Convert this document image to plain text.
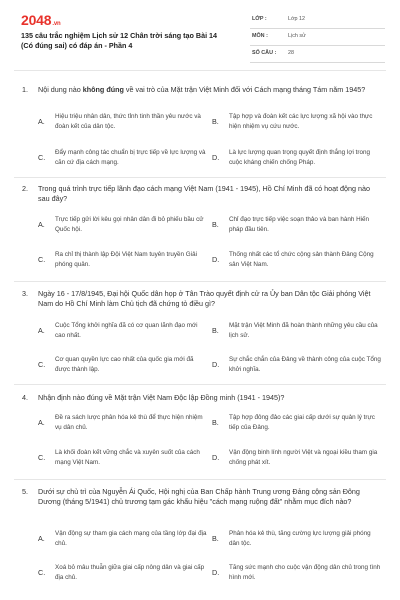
2048.vn
135 câu trắc nghiệm Lịch sử 12 Chân trời sáng tạo Bài 14 (Có đúng sai) có đáp án - Phần 4
LỚP :	Lớp 12
MÔN :	Lịch sử
SỐ CÂU : 28
1. Nội dung nào không đúng về vai trò của Mặt trận Việt Minh đối với Cách mạng tháng Tám năm 1945?
A.
Hiệu triệu nhân dân, thức tỉnh tinh thần yêu nước và đoàn kết của dân tộc.
B.
Tập hợp và đoàn kết các lực lượng xã hội vào thực hiện nhiệm vụ cứu nước.
C.
Đẩy mạnh công tác chuẩn bị trực tiếp về lực lượng và căn cứ địa cách mạng.
D.
Là lực lượng quan trọng quyết định thắng lợi trong cuộc kháng chiến chống Pháp.
2. Trong quá trình trực tiếp lãnh đạo cách mạng Việt Nam (1941 - 1945), Hồ Chí Minh đã có hoạt động nào sau đây?
A.
Trực tiếp gửi lời kêu gọi nhân dân đi bỏ phiếu bầu cử Quốc hội.
B.
Chỉ đạo trực tiếp việc soạn thảo và ban hành Hiến pháp đầu tiên.
C.
Ra chỉ thị thành lập Đội Việt Nam tuyên truyền Giải phóng quân.
D.
Thống nhất các tổ chức cộng sản thành Đảng Cộng sản Việt Nam.
3. Ngày 16 - 17/8/1945, Đại hội Quốc dân họp ở Tân Trào quyết định cử ra Ủy ban Dân tộc Giải phóng Việt Nam do Hồ Chí Minh làm Chủ tịch đã chứng tỏ điều gì?
A.
Cuộc Tổng khởi nghĩa đã có cơ quan lãnh đạo mới cao nhất.
B.
Mặt trận Việt Minh đã hoàn thành những yêu cầu của lịch sử.
C.
Cơ quan quyền lực cao nhất của quốc gia mới đã được thành lập.
D.
Sự chắc chắn của Đảng về thành công của cuộc Tổng khởi nghĩa.
4. Nhận định nào đúng về Mặt trận Việt Nam Độc lập Đồng minh (1941 - 1945)?
A.
Đề ra sách lược phân hóa kẻ thù để thực hiện nhiệm vụ dân chủ.
B.
Tập hợp đông đảo các giai cấp dưới sự quản lý trực tiếp của Đảng.
C.
Là khối đoàn kết vững chắc và xuyên suốt của cách mạng Việt Nam.
D.
Vận động binh lính người Việt và ngoại kiều tham gia chống phát xít.
5. Dưới sự chủ trì của Nguyễn Ái Quốc, Hội nghị của Ban Chấp hành Trung ương Đảng cộng sản Đông Dương (tháng 5/1941) chủ trương tạm gác khẩu hiệu "cách mạng ruộng đất" nhằm mục đích nào?
A.
Vận động sự tham gia cách mạng của tầng lớp đại địa chủ.
B.
Phân hóa kẻ thù, tăng cường lực lượng giải phóng dân tộc.
C.
Xoá bỏ mâu thuẫn giữa giai cấp nông dân và giai cấp địa chủ.
D.
Tăng sức mạnh cho cuộc vận động dân chủ trong tình hình mới.
